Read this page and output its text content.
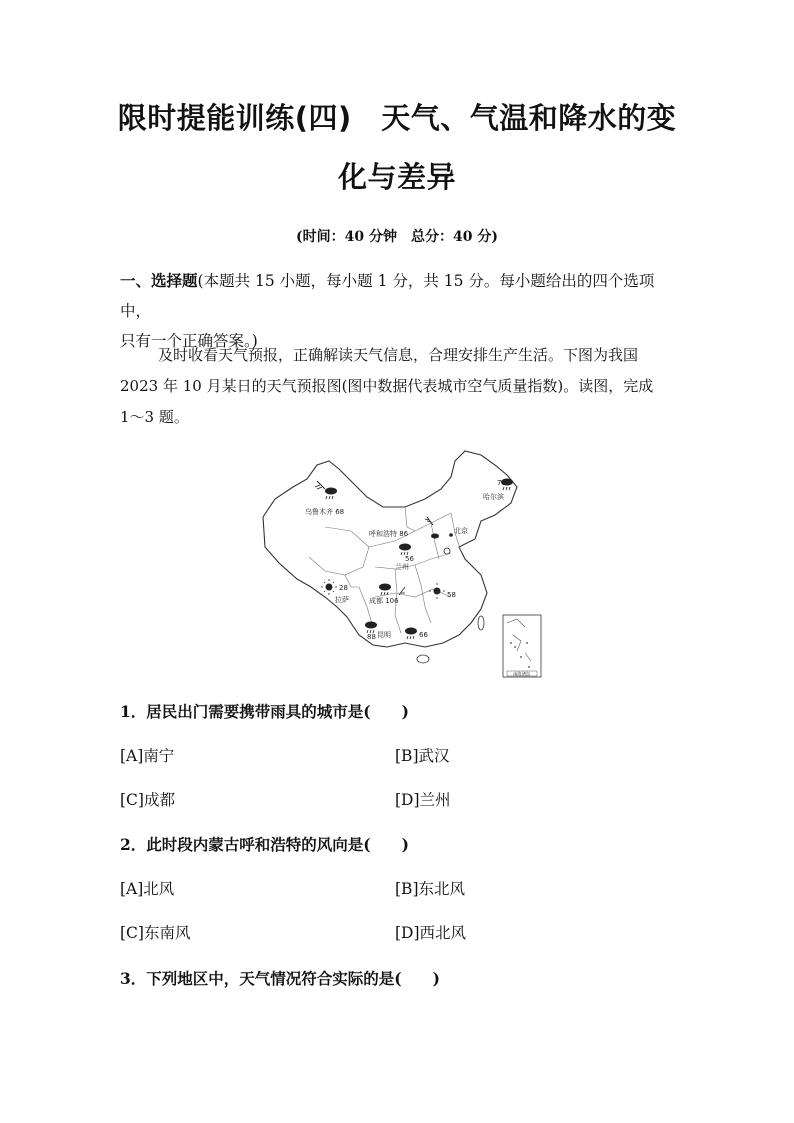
限时提能训练(四)　天气、气温和降水的变
化与差异
(时间：40 分钟　总分：40 分)
一、选择题(本题共 15 小题，每小题 1 分，共 15 分。每小题给出的四个选项中，
只有一个正确答案。)
及时收看天气预报，正确解读天气信息，合理安排生产生活。下图为我国
2023 年 10 月某日的天气预报图(图中数据代表城市空气质量指数)。读图，完成
1～3 题。
南海诸岛
乌鲁木齐 68
78
哈尔滨
呼和浩特 86	北京
56
兰州
28
拉萨	成都 106
58
88 昆明	66
1．居民出门需要携带雨具的城市是(　　)
[A]南宁	[B]武汉
[C]成都	[D]兰州
2．此时段内蒙古呼和浩特的风向是(　　)
[A]北风	[B]东北风
[C]东南风	[D]西北风
3．下列地区中，天气情况符合实际的是(　　)
